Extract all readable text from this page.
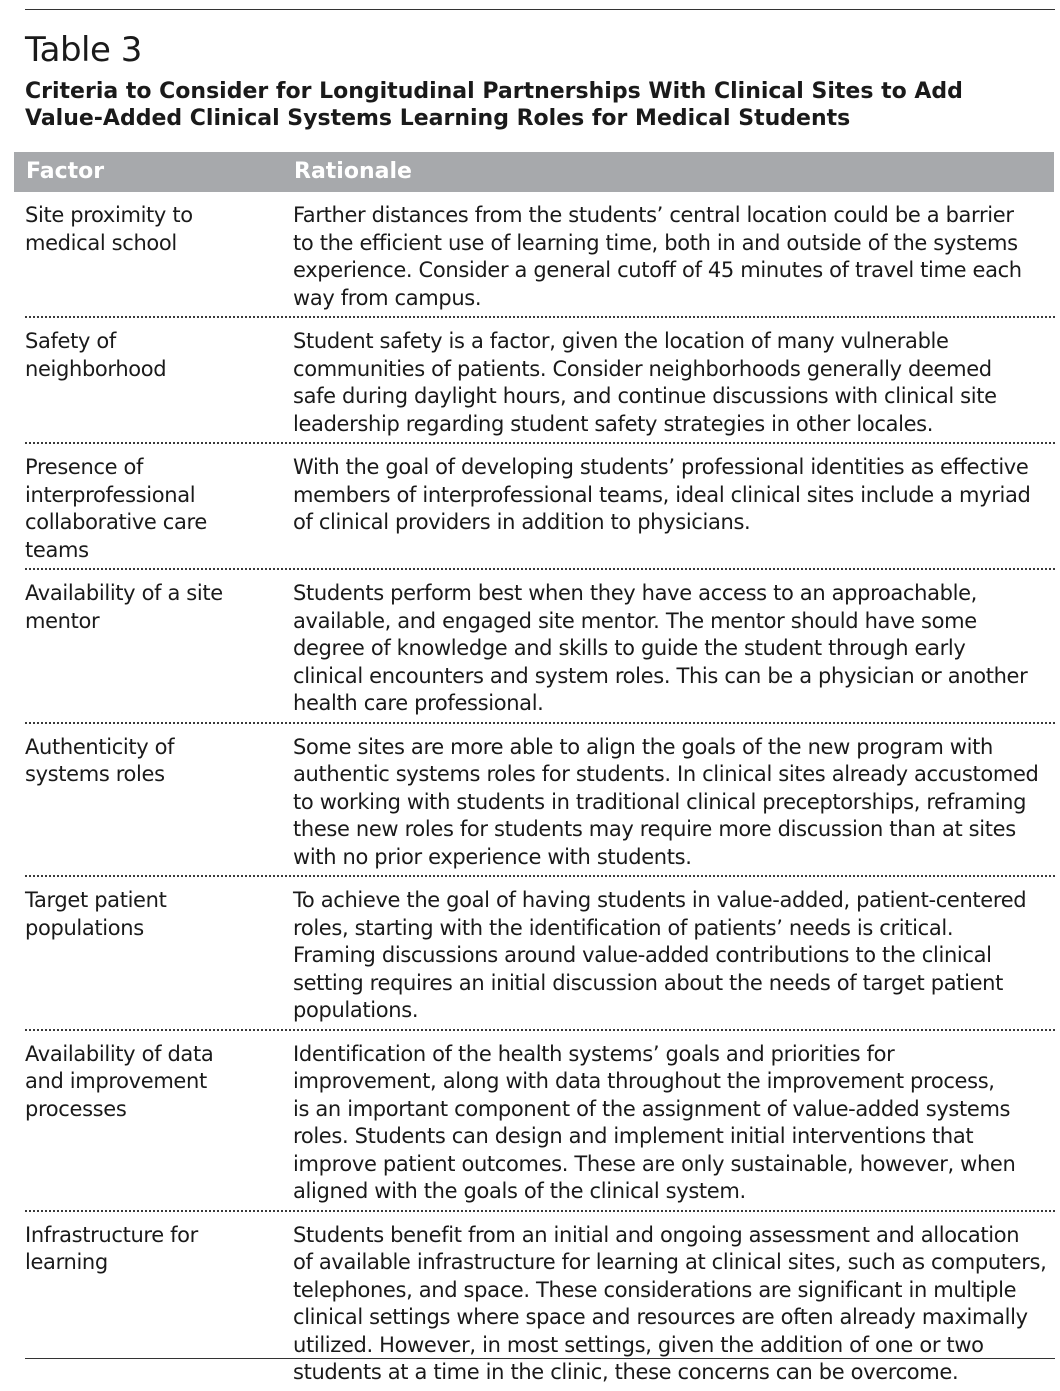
Table 3
Criteria to Consider for Longitudinal Partnerships With Clinical Sites to Add
Value-Added Clinical Systems Learning Roles for Medical Students
Factor	Rationale
Site proximity to
medical school
Farther distances from the students’ central location could be a barrier
to the efficient use of learning time, both in and outside of the systems
experience. Consider a general cutoff of 45 minutes of travel time each
way from campus.
Safety of
neighborhood
Student safety is a factor, given the location of many vulnerable
communities of patients. Consider neighborhoods generally deemed
safe during daylight hours, and continue discussions with clinical site
leadership regarding student safety strategies in other locales.
Presence of
interprofessional
collaborative care
teams
With the goal of developing students’ professional identities as effective
members of interprofessional teams, ideal clinical sites include a myriad
of clinical providers in addition to physicians.
Availability of a site
mentor
Students perform best when they have access to an approachable,
available, and engaged site mentor. The mentor should have some
degree of knowledge and skills to guide the student through early
clinical encounters and system roles. This can be a physician or another
health care professional.
Authenticity of
systems roles
Some sites are more able to align the goals of the new program with
authentic systems roles for students. In clinical sites already accustomed
to working with students in traditional clinical preceptorships, reframing
these new roles for students may require more discussion than at sites
with no prior experience with students.
Target patient
populations
To achieve the goal of having students in value-added, patient-centered
roles, starting with the identification of patients’ needs is critical.
Framing discussions around value-added contributions to the clinical
setting requires an initial discussion about the needs of target patient
populations.
Availability of data
and improvement
processes
Identification of the health systems’ goals and priorities for
improvement, along with data throughout the improvement process,
is an important component of the assignment of value-added systems
roles. Students can design and implement initial interventions that
improve patient outcomes. These are only sustainable, however, when
aligned with the goals of the clinical system.
Infrastructure for
learning
Students benefit from an initial and ongoing assessment and allocation
of available infrastructure for learning at clinical sites, such as computers,
telephones, and space. These considerations are significant in multiple
clinical settings where space and resources are often already maximally
utilized. However, in most settings, given the addition of one or two
students at a time in the clinic, these concerns can be overcome.
